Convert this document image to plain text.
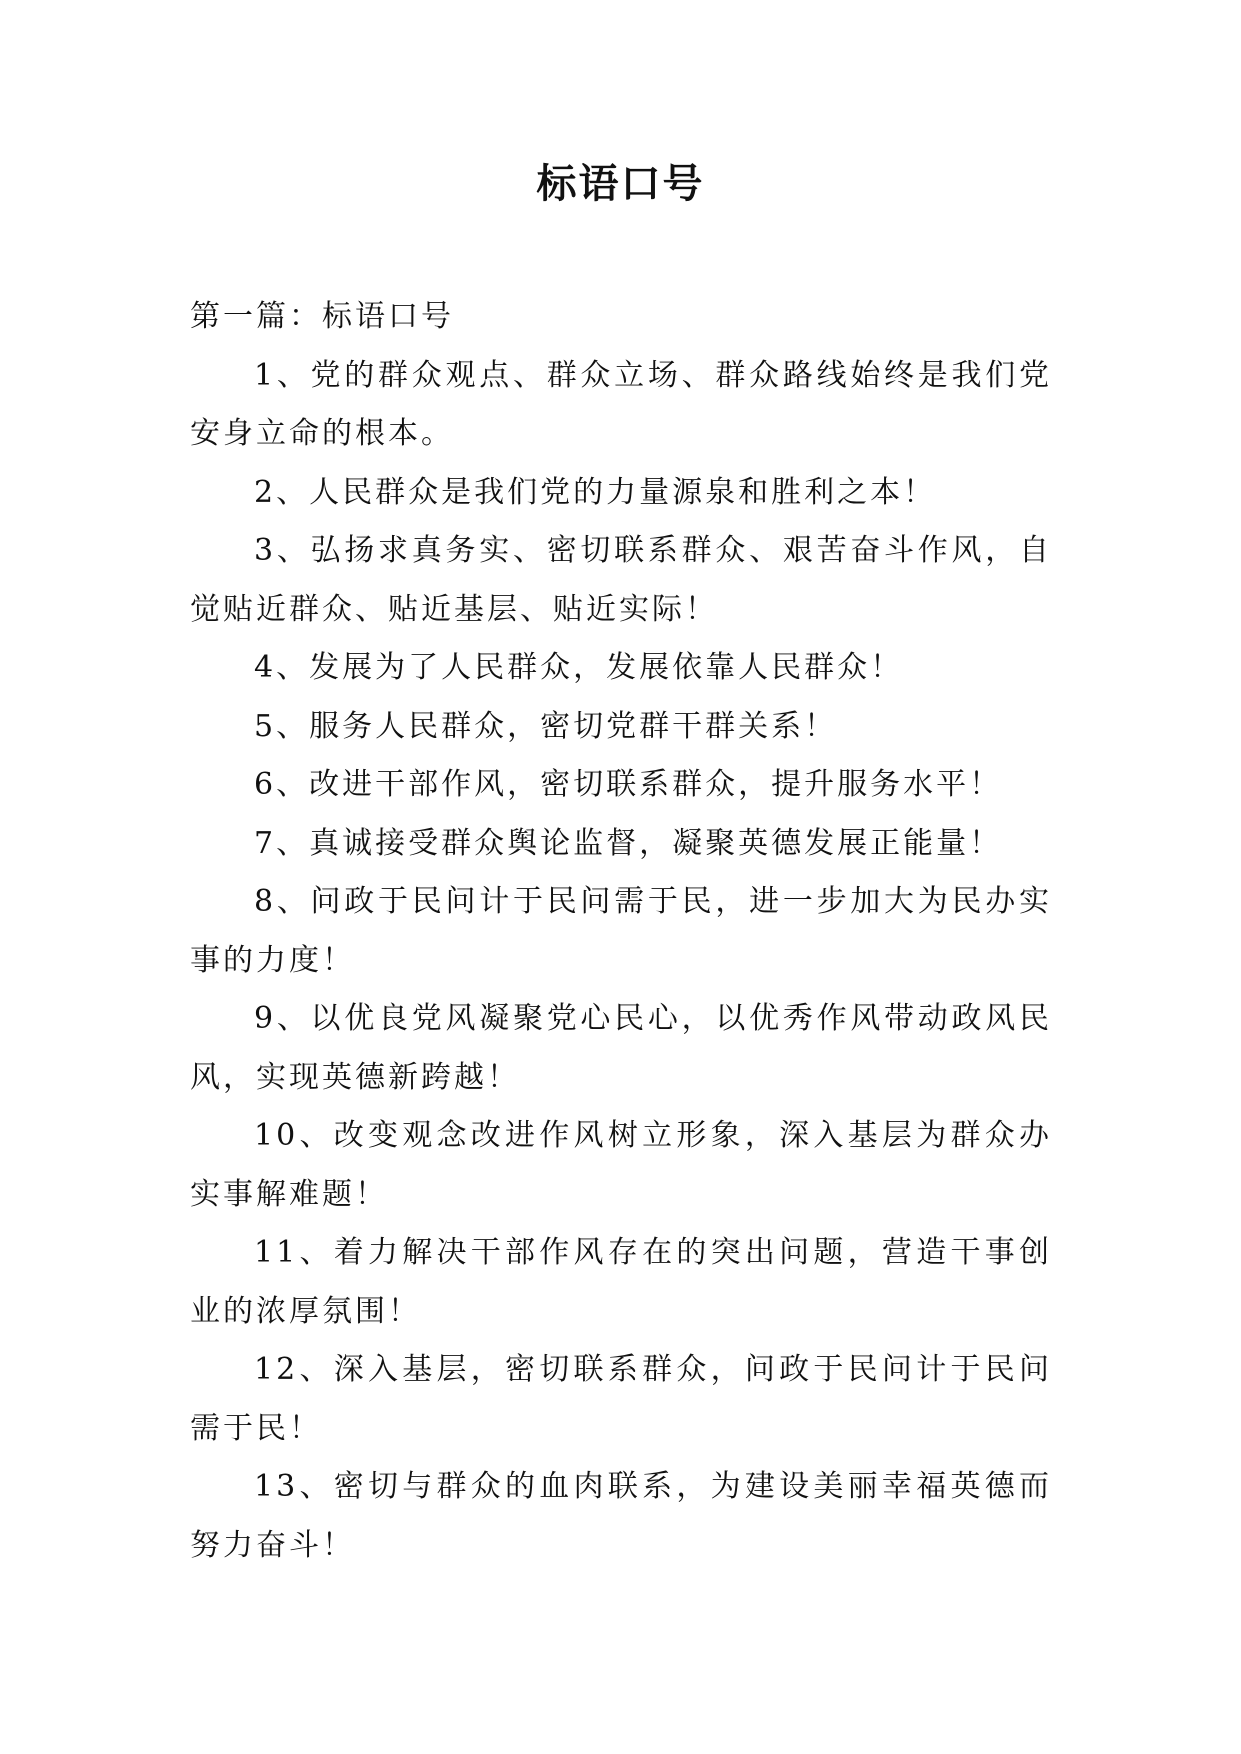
标语口号

第一篇：标语口号

1、党的群众观点、群众立场、群众路线始终是我们党安身立命的根本。

2、人民群众是我们党的力量源泉和胜利之本！

3、弘扬求真务实、密切联系群众、艰苦奋斗作风，自觉贴近群众、贴近基层、贴近实际！

4、发展为了人民群众，发展依靠人民群众！

5、服务人民群众，密切党群干群关系！

6、改进干部作风，密切联系群众，提升服务水平！

7、真诚接受群众舆论监督，凝聚英德发展正能量！

8、问政于民问计于民问需于民，进一步加大为民办实事的力度！

9、以优良党风凝聚党心民心，以优秀作风带动政风民风，实现英德新跨越！

10、改变观念改进作风树立形象，深入基层为群众办实事解难题！

11、着力解决干部作风存在的突出问题，营造干事创业的浓厚氛围！

12、深入基层，密切联系群众，问政于民问计于民问需于民！

13、密切与群众的血肉联系，为建设美丽幸福英德而努力奋斗！
